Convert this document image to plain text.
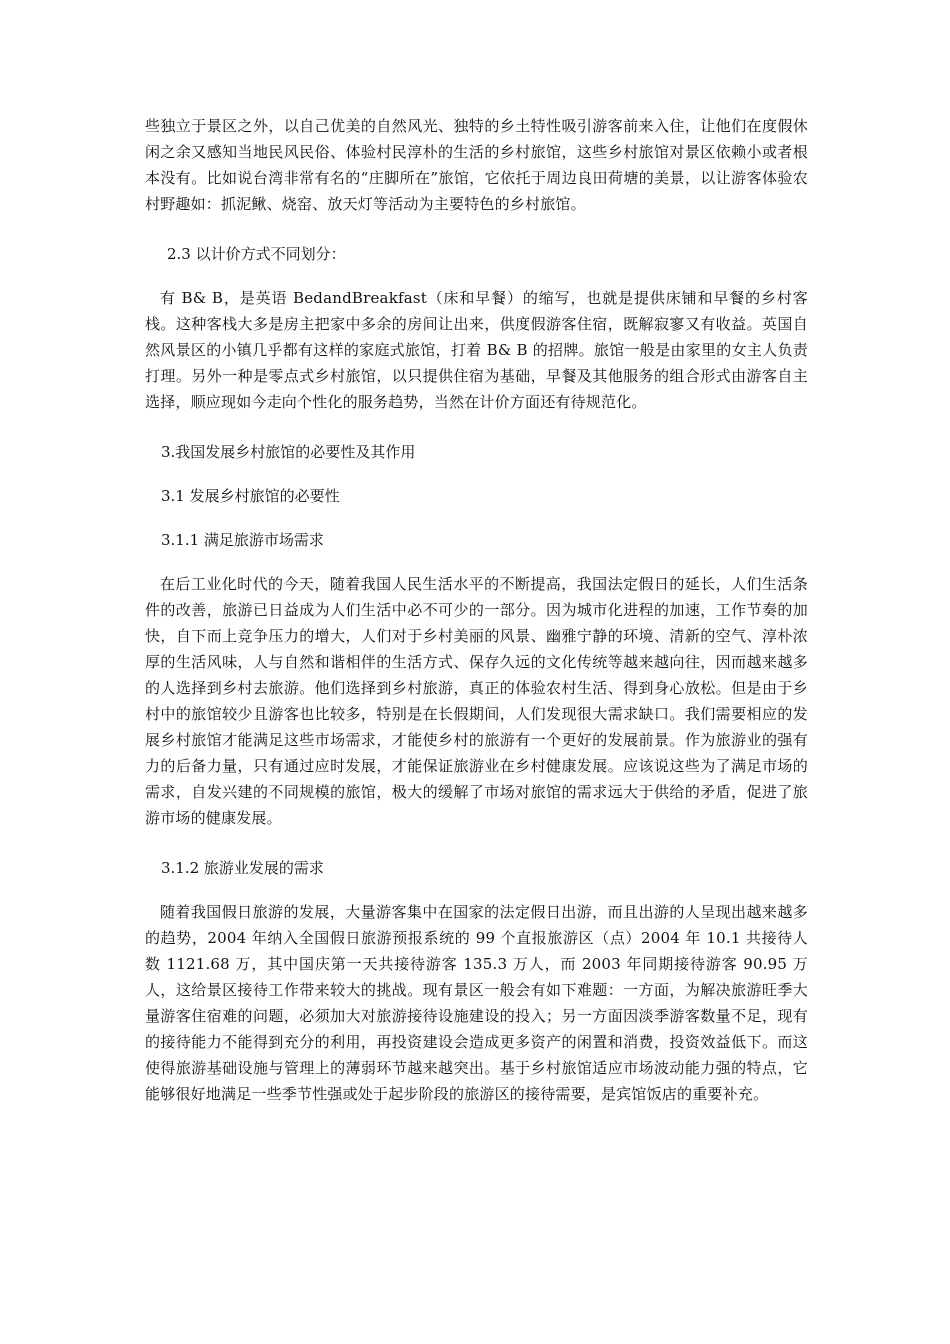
些独立于景区之外，以自己优美的自然风光、独特的乡土特性吸引游客前来入住，让他们在度假休闲之余又感知当地民风民俗、体验村民淳朴的生活的乡村旅馆，这些乡村旅馆对景区依赖小或者根本没有。比如说台湾非常有名的“庄脚所在”旅馆，它依托于周边良田荷塘的美景，以让游客体验农村野趣如：抓泥鳅、烧窑、放天灯等活动为主要特色的乡村旅馆。

2.3 以计价方式不同划分：

有 B& B，是英语 BedandBreakfast（床和早餐）的缩写，也就是提供床铺和早餐的乡村客栈。这种客栈大多是房主把家中多余的房间让出来，供度假游客住宿，既解寂寥又有收益。英国自然风景区的小镇几乎都有这样的家庭式旅馆，打着 B& B 的招牌。旅馆一般是由家里的女主人负责打理。另外一种是零点式乡村旅馆，以只提供住宿为基础，早餐及其他服务的组合形式由游客自主选择，顺应现如今走向个性化的服务趋势，当然在计价方面还有待规范化。

3.我国发展乡村旅馆的必要性及其作用

3.1 发展乡村旅馆的必要性

3.1.1 满足旅游市场需求

在后工业化时代的今天，随着我国人民生活水平的不断提高，我国法定假日的延长，人们生活条件的改善，旅游已日益成为人们生活中必不可少的一部分。因为城市化进程的加速，工作节奏的加快，自下而上竞争压力的增大，人们对于乡村美丽的风景、幽雅宁静的环境、清新的空气、淳朴浓厚的生活风味，人与自然和谐相伴的生活方式、保存久远的文化传统等越来越向往，因而越来越多的人选择到乡村去旅游。他们选择到乡村旅游，真正的体验农村生活、得到身心放松。但是由于乡村中的旅馆较少且游客也比较多，特别是在长假期间，人们发现很大需求缺口。我们需要相应的发展乡村旅馆才能满足这些市场需求，才能使乡村的旅游有一个更好的发展前景。作为旅游业的强有力的后备力量，只有通过应时发展，才能保证旅游业在乡村健康发展。应该说这些为了满足市场的需求，自发兴建的不同规模的旅馆，极大的缓解了市场对旅馆的需求远大于供给的矛盾，促进了旅游市场的健康发展。

3.1.2 旅游业发展的需求

随着我国假日旅游的发展，大量游客集中在国家的法定假日出游，而且出游的人呈现出越来越多的趋势，2004 年纳入全国假日旅游预报系统的 99 个直报旅游区（点）2004 年 10.1 共接待人数 1121.68 万，其中国庆第一天共接待游客 135.3 万人，而 2003 年同期接待游客 90.95 万人，这给景区接待工作带来较大的挑战。现有景区一般会有如下难题：一方面，为解决旅游旺季大量游客住宿难的问题，必须加大对旅游接待设施建设的投入；另一方面因淡季游客数量不足，现有的接待能力不能得到充分的利用，再投资建设会造成更多资产的闲置和消费，投资效益低下。而这使得旅游基础设施与管理上的薄弱环节越来越突出。基于乡村旅馆适应市场波动能力强的特点，它能够很好地满足一些季节性强或处于起步阶段的旅游区的接待需要，是宾馆饭店的重要补充。
